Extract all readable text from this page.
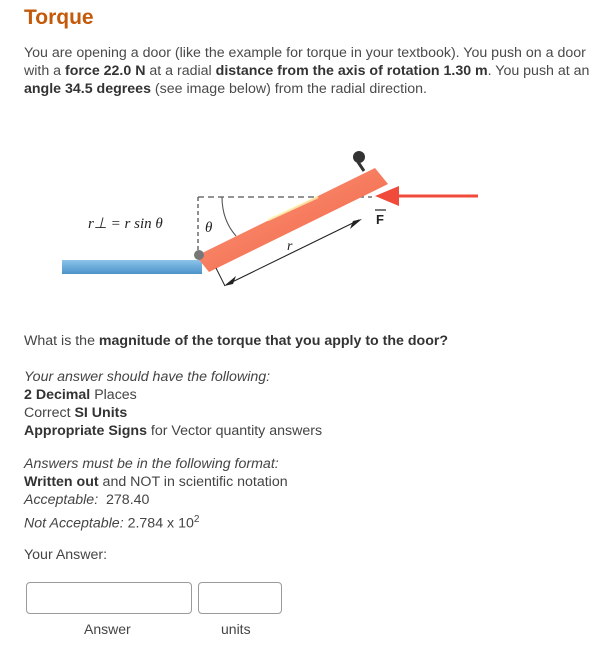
Torque
You are opening a door (like the example for torque in your textbook). You push on a door with a force 22.0 N at a radial distance from the axis of rotation 1.30 m. You push at an angle 34.5 degrees (see image below) from the radial direction.
r⊥ = r sin θ	θ
r
F
What is the magnitude of the torque that you apply to the door?
Your answer should have the following:
2 Decimal Places
Correct SI Units
Appropriate Signs for Vector quantity answers
Answers must be in the following format:
Written out and NOT in scientific notation
Acceptable:  278.40
Not Acceptable: 2.784 x $10^2$
Your Answer:
Answer	units
